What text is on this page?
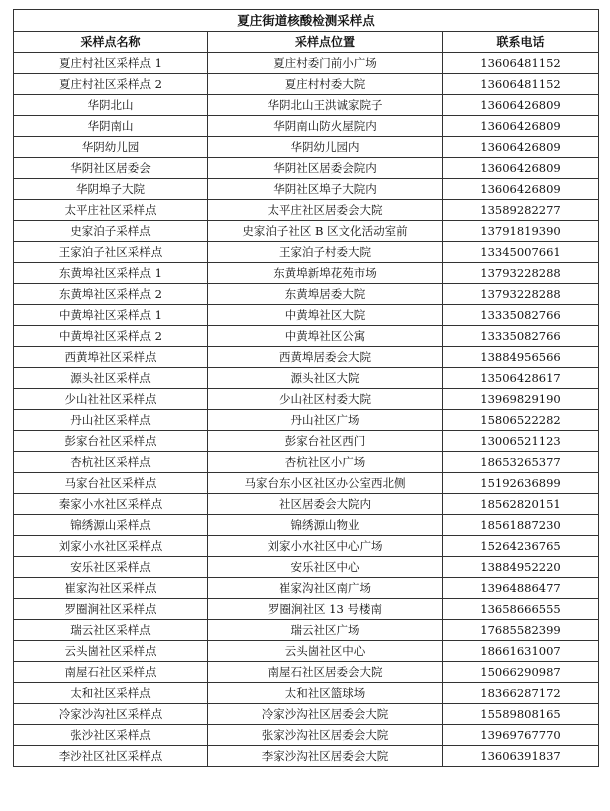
夏庄街道核酸检测采样点		
采样点名称	采样点位置	联系电话
夏庄村社区采样点 1	夏庄村委门前小广场	13606481152
夏庄村社区采样点 2	夏庄村村委大院	13606481152
华阴北山	华阴北山王洪诚家院子	13606426809
华阴南山	华阴南山防火屋院内	13606426809
华阴幼儿园	华阴幼儿园内	13606426809
华阴社区居委会	华阴社区居委会院内	13606426809
华阴埠子大院	华阴社区埠子大院内	13606426809
太平庄社区采样点	太平庄社区居委会大院	13589282277
史家泊子采样点	史家泊子社区 B 区文化活动室前	13791819390
王家泊子社区采样点	王家泊子村委大院	13345007661
东黄埠社区采样点 1	东黄埠新埠花苑市场	13793228288
东黄埠社区采样点 2	东黄埠居委大院	13793228288
中黄埠社区采样点 1	中黄埠社区大院	13335082766
中黄埠社区采样点 2	中黄埠社区公寓	13335082766
西黄埠社区采样点	西黄埠居委会大院	13884956566
源头社区采样点	源头社区大院	13506428617
少山社社区采样点	少山社区村委大院	13969829190
丹山社区采样点	丹山社区广场	15806522282
彭家台社区采样点	彭家台社区西门	13006521123
杏杭社区采样点	杏杭社区小广场	18653265377
马家台社区采样点	马家台东小区社区办公室西北侧	15192636899
秦家小水社区采样点	社区居委会大院内	18562820151
锦绣源山采样点	锦绣源山物业	18561887230
刘家小水社区采样点	刘家小水社区中心广场	15264236765
安乐社区采样点	安乐社区中心	13884952220
崔家沟社区采样点	崔家沟社区南广场	13964886477
罗圈涧社区采样点	罗圈涧社区 13 号楼南	13658666555
瑞云社区采样点	瑞云社区广场	17685582399
云头崮社区采样点	云头崮社区中心	18661631007
南屋石社区采样点	南屋石社区居委会大院	15066290987
太和社区采样点	太和社区篮球场	18366287172
冷家沙沟社区采样点	冷家沙沟社区居委会大院	15589808165
张沙社区采样点	张家沙沟社区居委会大院	13969767770
李沙社区社区采样点	李家沙沟社区居委会大院	13606391837
